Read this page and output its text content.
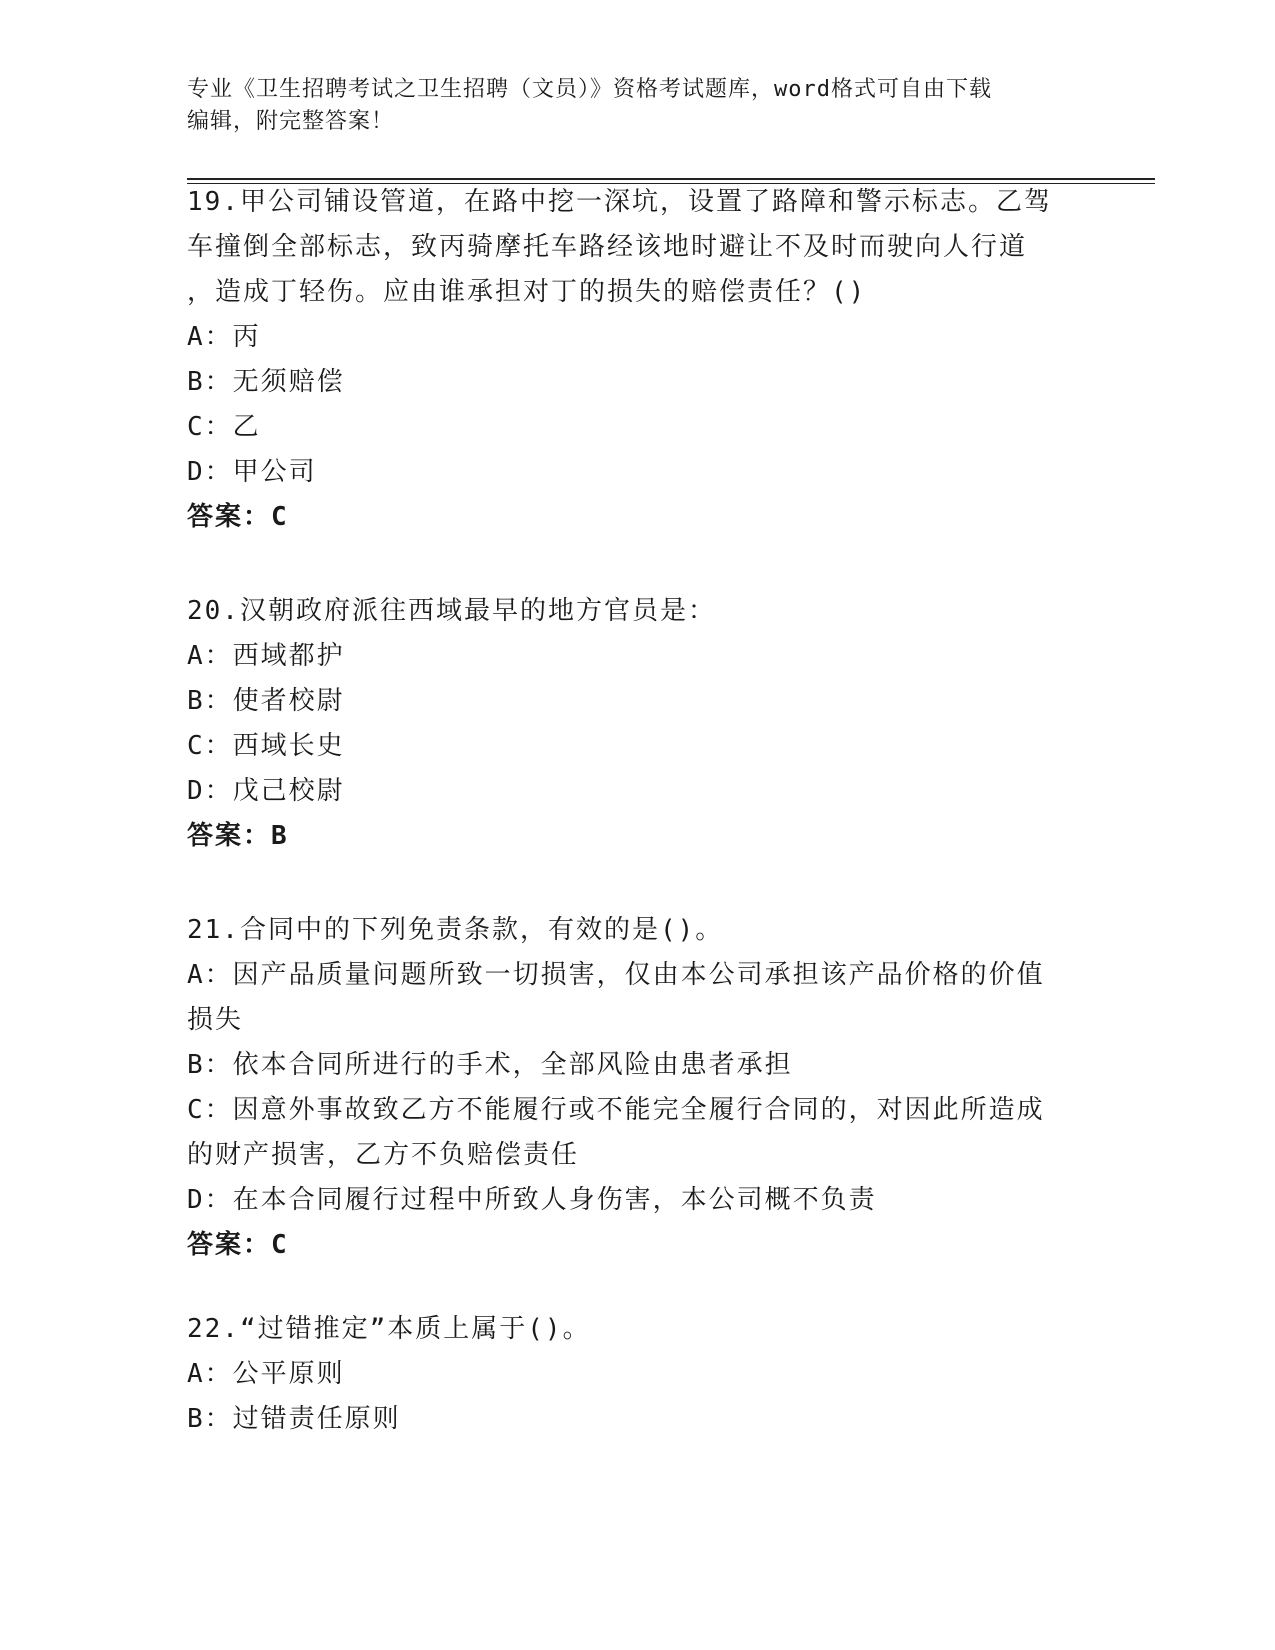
专业《卫生招聘考试之卫生招聘（文员）》资格考试题库，word格式可自由下载
编辑，附完整答案！
19.甲公司铺设管道，在路中挖一深坑，设置了路障和警示标志。乙驾
车撞倒全部标志，致丙骑摩托车路经该地时避让不及时而驶向人行道
，造成丁轻伤。应由谁承担对丁的损失的赔偿责任？()
A：丙
B：无须赔偿
C：乙
D：甲公司
答案：C
20.汉朝政府派往西域最早的地方官员是：
A：西域都护
B：使者校尉
C：西域长史
D：戊己校尉
答案：B
21.合同中的下列免责条款，有效的是()。
A：因产品质量问题所致一切损害，仅由本公司承担该产品价格的价值
损失
B：依本合同所进行的手术，全部风险由患者承担
C：因意外事故致乙方不能履行或不能完全履行合同的，对因此所造成
的财产损害，乙方不负赔偿责任
D：在本合同履行过程中所致人身伤害，本公司概不负责
答案：C
22.“过错推定”本质上属于()。
A：公平原则
B：过错责任原则
